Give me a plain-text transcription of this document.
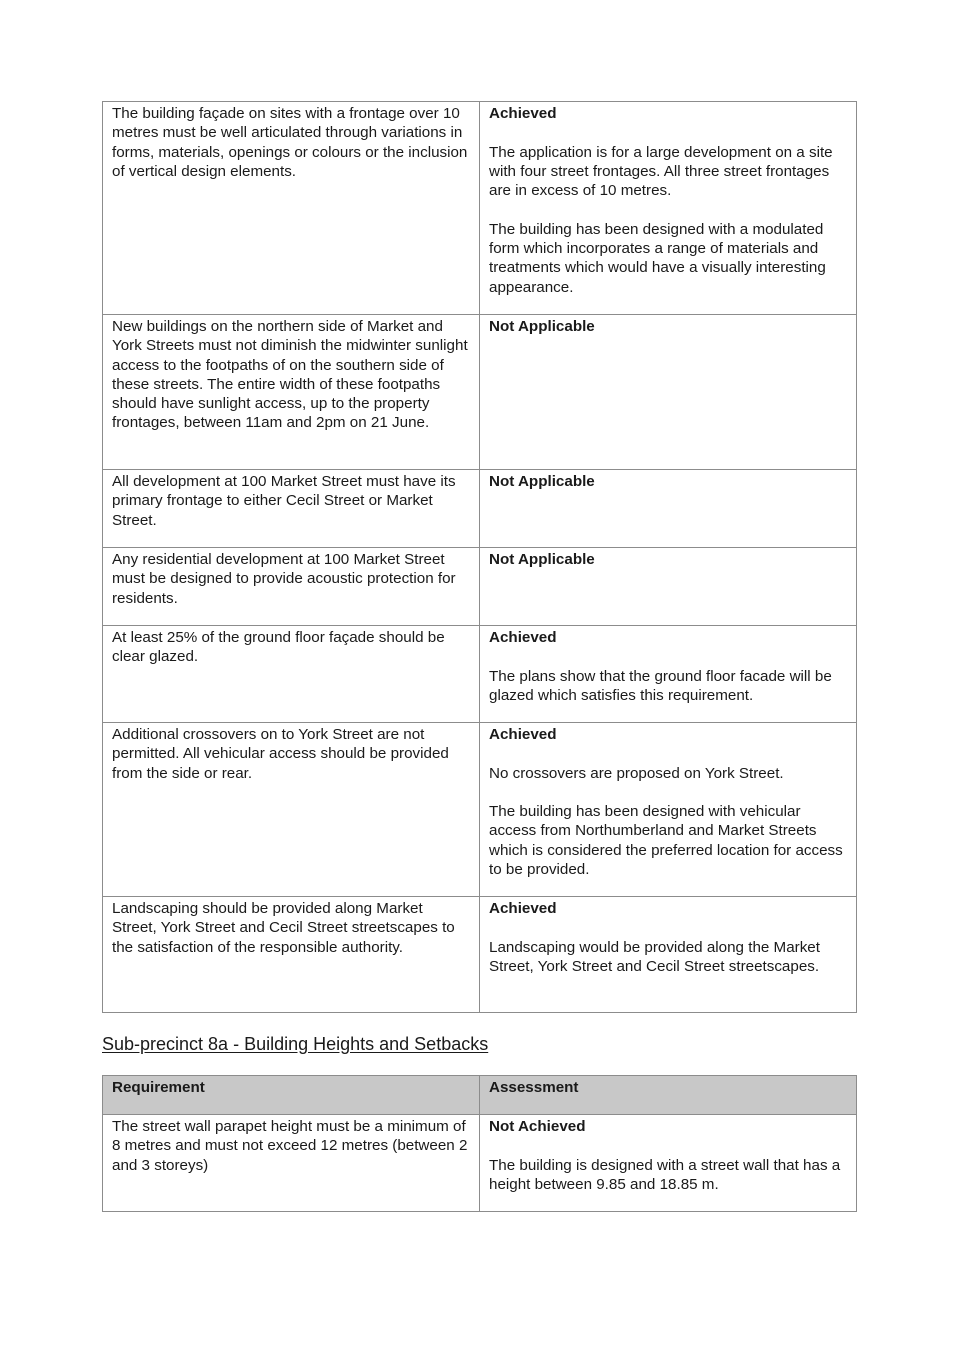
The building façade on sites with a frontage over 10 metres must be well articulated through variations in forms, materials, openings or colours or the inclusion of vertical design elements.	Achieved

The application is for a large development on a site with four street frontages. All three street frontages are in excess of 10 metres.

The building has been designed with a modulated form which incorporates a range of materials and treatments which would have a visually interesting appearance.

New buildings on the northern side of Market and York Streets must not diminish the midwinter sunlight access to the footpaths of on the southern side of these streets. The entire width of these footpaths should have sunlight access, up to the property frontages, between 11am and 2pm on 21 June.	Not Applicable

All development at 100 Market Street must have its primary frontage to either Cecil Street or Market Street.	Not Applicable

Any residential development at 100 Market Street must be designed to provide acoustic protection for residents.	Not Applicable

At least 25% of the ground floor façade should be clear glazed.	Achieved

The plans show that the ground floor facade will be glazed which satisfies this requirement.

Additional crossovers on to York Street are not permitted. All vehicular access should be provided from the side or rear.	Achieved

No crossovers are proposed on York Street.

The building has been designed with vehicular access from Northumberland and Market Streets which is considered the preferred location for access to be provided.

Landscaping should be provided along Market Street, York Street and Cecil Street streetscapes to the satisfaction of the responsible authority.	Achieved

Landscaping would be provided along the Market Street, York Street and Cecil Street streetscapes.

Sub-precinct 8a - Building Heights and Setbacks
Requirement	Assessment

The street wall parapet height must be a minimum of 8 metres and must not exceed 12 metres (between 2 and 3 storeys)	Not Achieved

The building is designed with a street wall that has a height between 9.85 and 18.85 m.
